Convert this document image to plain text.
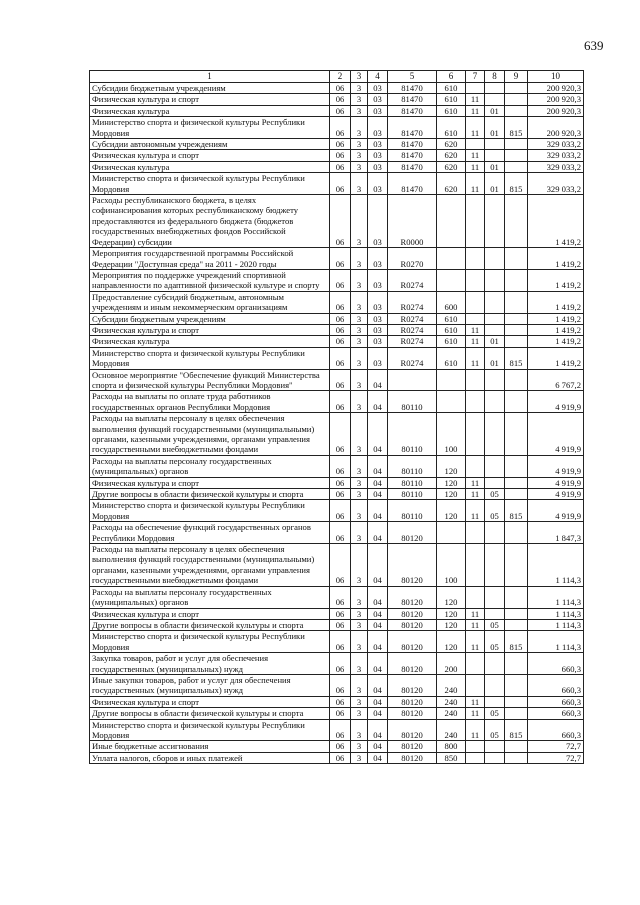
639
1	2	3	4	5	6	7	8	9	10
Субсидии бюджетным учреждениям	06	3	03	81470	610				200 920,3
Физическая культура и спорт	06	3	03	81470	610	11			200 920,3
Физическая культура	06	3	03	81470	610	11	01		200 920,3
Министерство спорта и физической культуры Республики Мордовия	06	3	03	81470	610	11	01	815	200 920,3
Субсидии автономным учреждениям	06	3	03	81470	620				329 033,2
Физическая культура и спорт	06	3	03	81470	620	11			329 033,2
Физическая культура	06	3	03	81470	620	11	01		329 033,2
Министерство спорта и физической культуры Республики Мордовия	06	3	03	81470	620	11	01	815	329 033,2
Расходы республиканского бюджета, в целях софинансирования которых республиканскому бюджету предоставляются из федерального бюджета (бюджетов государственных внебюджетных фондов Российской Федерации) субсидии	06	3	03	R0000					1 419,2
Мероприятия государственной программы Российской Федерации "Доступная среда" на 2011 - 2020 годы	06	3	03	R0270					1 419,2
Мероприятия по поддержке учреждений спортивной направленности по адаптивной физической культуре и спорту	06	3	03	R0274					1 419,2
Предоставление субсидий бюджетным, автономным учреждениям и иным некоммерческим организациям	06	3	03	R0274	600				1 419,2
Субсидии бюджетным учреждениям	06	3	03	R0274	610				1 419,2
Физическая культура и спорт	06	3	03	R0274	610	11			1 419,2
Физическая культура	06	3	03	R0274	610	11	01		1 419,2
Министерство спорта и физической культуры Республики Мордовия	06	3	03	R0274	610	11	01	815	1 419,2
Основное мероприятие "Обеспечение функций Министерства спорта и физической культуры Республики Мордовия"	06	3	04						6 767,2
Расходы на выплаты по оплате труда работников государственных органов Республики Мордовия	06	3	04	80110					4 919,9
Расходы на выплаты персоналу в целях обеспечения выполнения функций государственными (муниципальными) органами, казенными учреждениями, органами управления государственными внебюджетными фондами	06	3	04	80110	100				4 919,9
Расходы на выплаты персоналу государственных (муниципальных) органов	06	3	04	80110	120				4 919,9
Физическая культура и спорт	06	3	04	80110	120	11			4 919,9
Другие вопросы в области физической культуры и спорта	06	3	04	80110	120	11	05		4 919,9
Министерство спорта и физической культуры Республики Мордовия	06	3	04	80110	120	11	05	815	4 919,9
Расходы на обеспечение функций государственных органов Республики Мордовия	06	3	04	80120					1 847,3
Расходы на выплаты персоналу в целях обеспечения выполнения функций государственными (муниципальными) органами, казенными учреждениями, органами управления государственными внебюджетными фондами	06	3	04	80120	100				1 114,3
Расходы на выплаты персоналу государственных (муниципальных) органов	06	3	04	80120	120				1 114,3
Физическая культура и спорт	06	3	04	80120	120	11			1 114,3
Другие вопросы в области физической культуры и спорта	06	3	04	80120	120	11	05		1 114,3
Министерство спорта и физической культуры Республики Мордовия	06	3	04	80120	120	11	05	815	1 114,3
Закупка товаров, работ и услуг для обеспечения государственных (муниципальных) нужд	06	3	04	80120	200				660,3
Иные закупки товаров, работ и услуг для обеспечения государственных (муниципальных) нужд	06	3	04	80120	240				660,3
Физическая культура и спорт	06	3	04	80120	240	11			660,3
Другие вопросы в области физической культуры и спорта	06	3	04	80120	240	11	05		660,3
Министерство спорта и физической культуры Республики Мордовия	06	3	04	80120	240	11	05	815	660,3
Иные бюджетные ассигнования	06	3	04	80120	800				72,7
Уплата налогов, сборов и иных платежей	06	3	04	80120	850				72,7
